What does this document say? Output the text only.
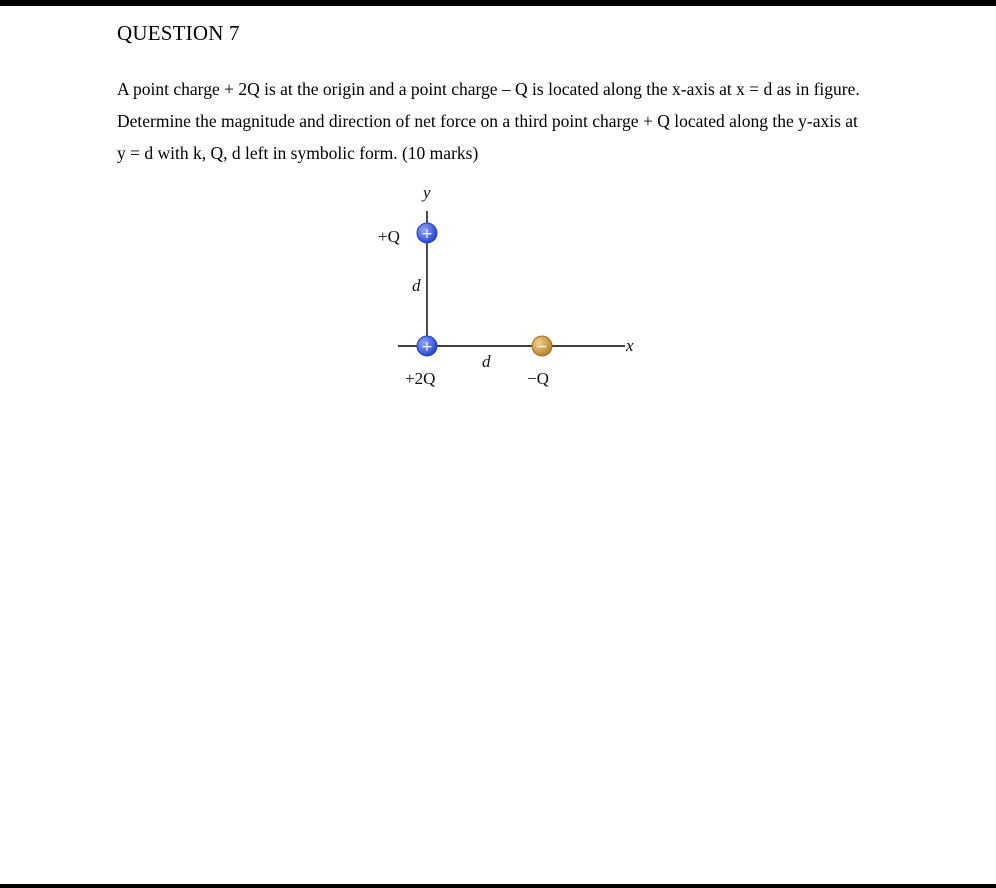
QUESTION 7
A point charge + 2Q is at the origin and a point charge – Q is located along the x-axis at x = d as in figure.
Determine the magnitude and direction of net force on a third point charge + Q located along the y-axis at
y = d with k, Q, d left in symbolic form. (10 marks)
y
x
d
d
+
+Q
+
+2Q
−
−Q
